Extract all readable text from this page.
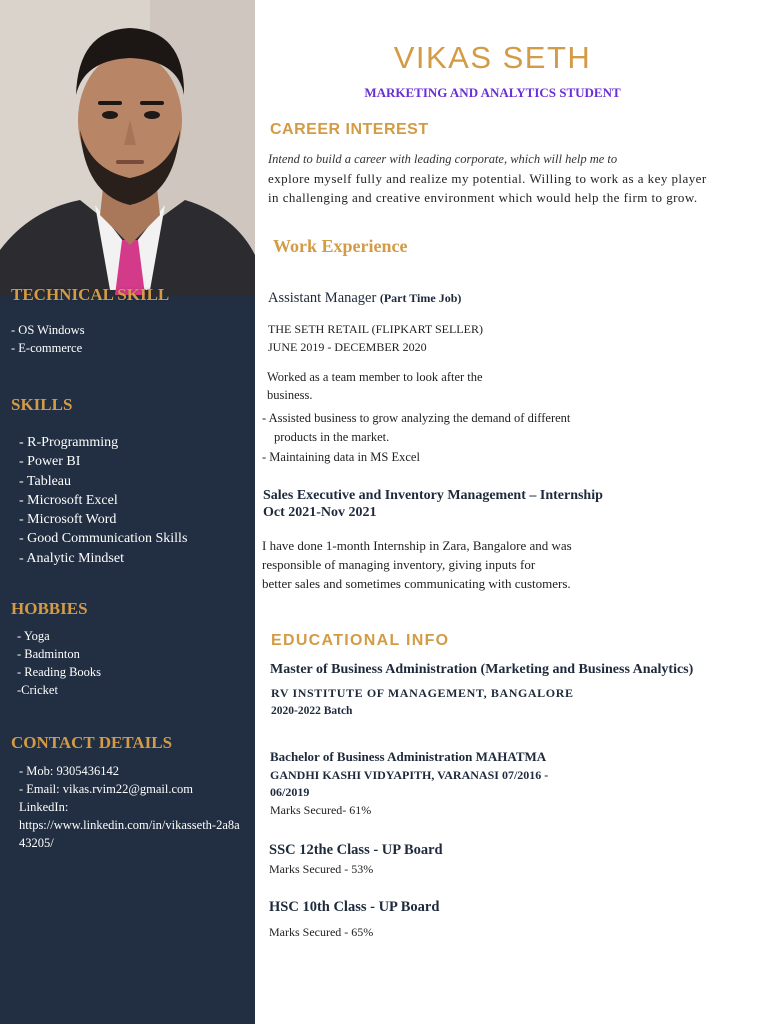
TECHNICAL SKILL
- OS Windows
- E-commerce
SKILLS
- R-Programming
- Power BI
- Tableau
- Microsoft Excel
- Microsoft Word
- Good Communication Skills
- Analytic Mindset
HOBBIES
- Yoga
- Badminton
- Reading Books
-Cricket
CONTACT DETAILS
- Mob: 9305436142
- Email: vikas.rvim22@gmail.com
LinkedIn:
https://www.linkedin.com/in/vikasseth-2a8a43205/
VIKAS SETH
MARKETING AND ANALYTICS STUDENT
CAREER INTEREST
Intend to build a career with leading corporate, which will help me to
explore myself fully and realize my potential. Willing to work as a key player
in challenging and creative environment which would help the firm to grow.
Work Experience
Assistant Manager (Part Time Job)
THE SETH RETAIL (FLIPKART SELLER)
JUNE 2019 - DECEMBER 2020
Worked as a team member to look after the
business.
- Assisted business to grow analyzing the demand of different
products in the market.
- Maintaining data in MS Excel
Sales Executive and Inventory Management – Internship
Oct 2021-Nov 2021
I have done 1-month Internship in Zara, Bangalore and was
responsible of managing inventory, giving inputs for
better sales and sometimes communicating with customers.
EDUCATIONAL INFO
Master of Business Administration (Marketing and Business Analytics)
RV INSTITUTE OF MANAGEMENT, BANGALORE
2020-2022 Batch
Bachelor of Business Administration MAHATMA
GANDHI KASHI VIDYAPITH, VARANASI 07/2016 -
06/2019
Marks Secured- 61%
SSC 12the Class - UP Board
Marks Secured - 53%
HSC 10th Class - UP Board
Marks Secured - 65%
